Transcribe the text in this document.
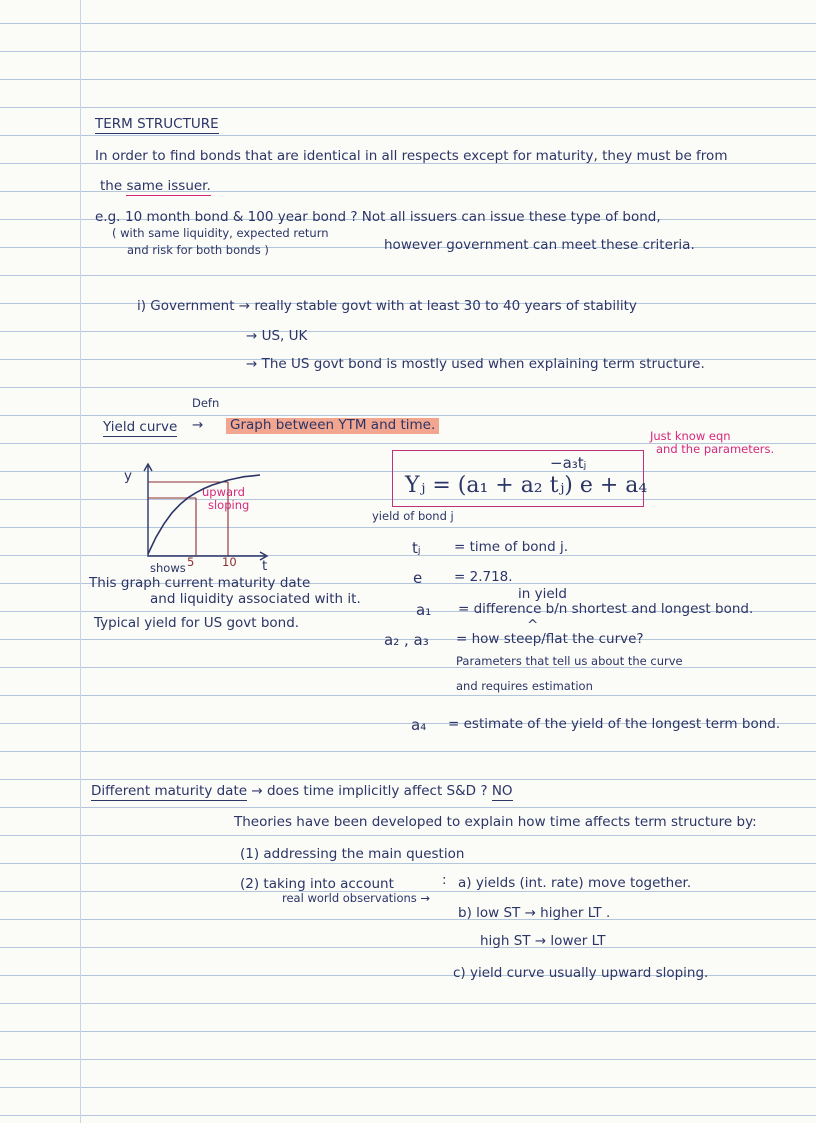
TERM STRUCTURE
In order to find bonds that are identical in all respects except for maturity, they must be from
the same issuer.
e.g. 10 month bond & 100 year bond ? Not all issuers can issue these type of bond,
( with same liquidity, expected return
and risk for both bonds )	however government can meet these criteria.
i) Government → really stable govt with at least 30 to 40 years of stability
→ US, UK
→ The US govt bond is mostly used when explaining term structure.
Defn
Yield curve → Graph between YTM and time.
y
t
5 10
upward
sloping
shows
This graph current maturity date
and liquidity associated with it.
Typical yield for US govt bond.
Just know eqn
and the parameters.
−a₃tⱼ
Yⱼ = (a₁ + a₂ tⱼ) e + a₄
yield of bond j
in yield
^
tⱼ = time of bond j.
e = 2.718.
a₁ = difference b/n shortest and longest bond.
a₂ , a₃ = how steep/flat the curve?
Parameters that tell us about the curve
and requires estimation
a₄ = estimate of the yield of the longest term bond.
Different maturity date → does time implicitly affect S&D ? NO
Theories have been developed to explain how time affects term structure by:
(1) addressing the main question
(2) taking into account
real world observations →
: a) yields (int. rate) move together.
b) low ST → higher LT .
high ST → lower LT
c) yield curve usually upward sloping.
